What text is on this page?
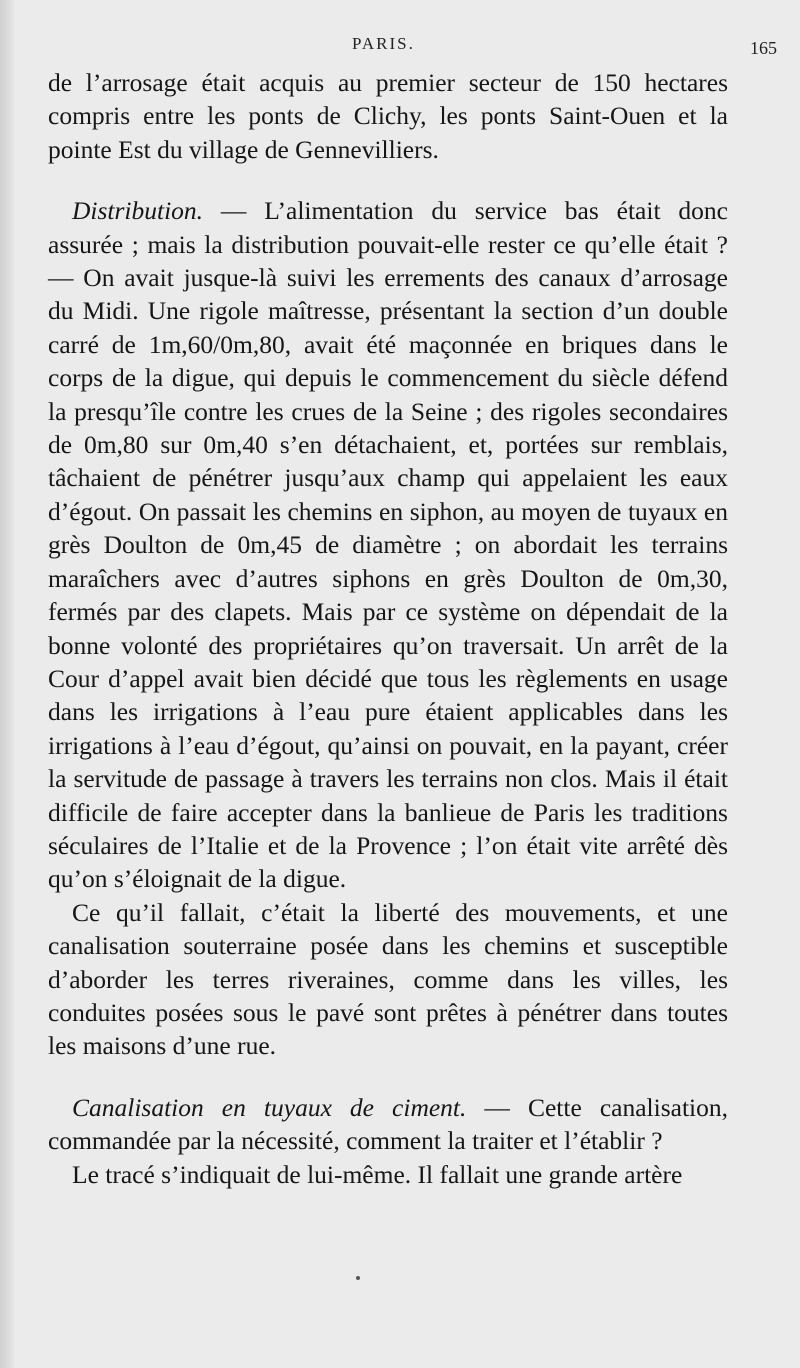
PARIS.	165

de l’arrosage était acquis au premier secteur de 150 hectares compris entre les ponts de Clichy, les ponts Saint-Ouen et la pointe Est du village de Gennevilliers.

Distribution. — L’alimentation du service bas était donc assurée ; mais la distribution pouvait-elle rester ce qu’elle était ? — On avait jusque-là suivi les errements des canaux d’arrosage du Midi. Une rigole maîtresse, présentant la section d’un double carré de 1m,60/0m,80, avait été maçonnée en briques dans le corps de la digue, qui depuis le commencement du siècle défend la presqu’île contre les crues de la Seine ; des rigoles secondaires de 0m,80 sur 0m,40 s’en détachaient, et, portées sur remblais, tâchaient de pénétrer jusqu’aux champ qui appelaient les eaux d’égout. On passait les chemins en siphon, au moyen de tuyaux en grès Doulton de 0m,45 de diamètre ; on abordait les terrains maraîchers avec d’autres siphons en grès Doulton de 0m,30, fermés par des clapets. Mais par ce système on dépendait de la bonne volonté des propriétaires qu’on traversait. Un arrêt de la Cour d’appel avait bien décidé que tous les règlements en usage dans les irrigations à l’eau pure étaient applicables dans les irrigations à l’eau d’égout, qu’ainsi on pouvait, en la payant, créer la servitude de passage à travers les terrains non clos. Mais il était difficile de faire accepter dans la banlieue de Paris les traditions séculaires de l’Italie et de la Provence ; l’on était vite arrêté dès qu’on s’éloignait de la digue.

Ce qu’il fallait, c’était la liberté des mouvements, et une canalisation souterraine posée dans les chemins et susceptible d’aborder les terres riveraines, comme dans les villes, les conduites posées sous le pavé sont prêtes à pénétrer dans toutes les maisons d’une rue.

Canalisation en tuyaux de ciment. — Cette canalisation, commandée par la nécessité, comment la traiter et l’établir ?

Le tracé s’indiquait de lui-même. Il fallait une grande artère
